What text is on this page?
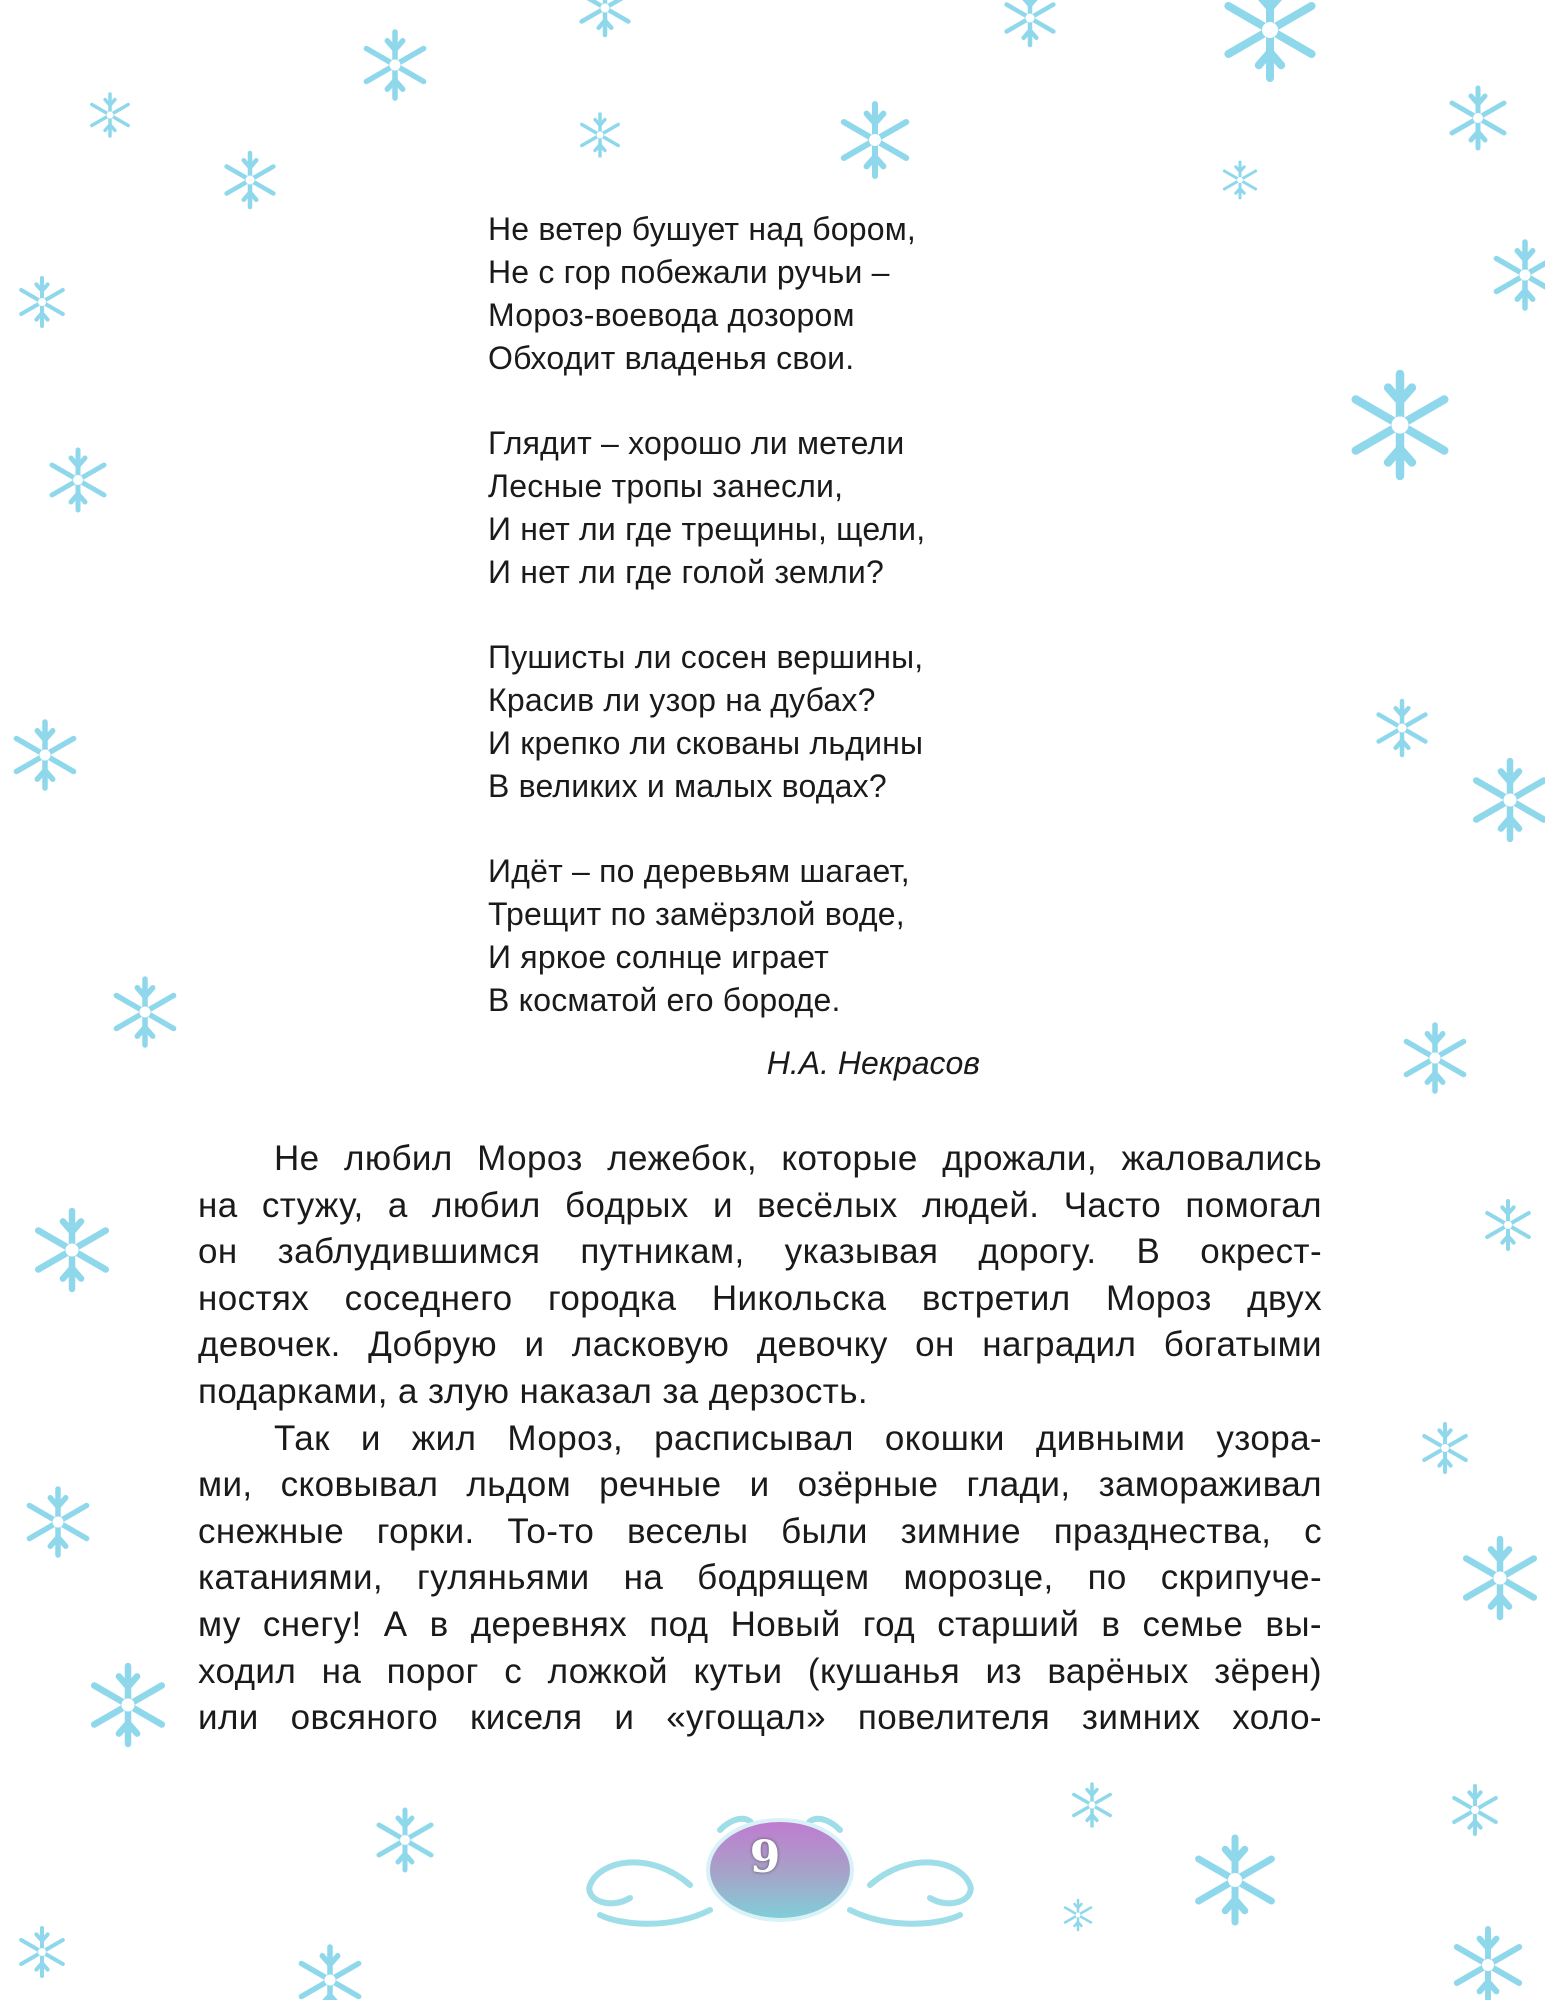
Не ветер бушует над бором,
Не с гор побежали ручьи –
Мороз-воевода дозором
Обходит владенья свои.
Глядит – хорошо ли метели
Лесные тропы занесли,
И нет ли где трещины, щели,
И нет ли где голой земли?
Пушисты ли сосен вершины,
Красив ли узор на дубах?
И крепко ли скованы льдины
В великих и малых водах?
Идёт – по деревьям шагает,
Трещит по замёрзлой воде,
И яркое солнце играет
В косматой его бороде.
Н.А. Некрасов

Не любил Мороз лежебок, которые дрожали, жаловались
на стужу, а любил бодрых и весёлых людей. Часто помогал
он заблудившимся путникам, указывая дорогу. В окрест-
ностях соседнего городка Никольска встретил Мороз двух
девочек. Добрую и ласковую девочку он наградил богатыми
подарками, а злую наказал за дерзость.

Так и жил Мороз, расписывал окошки дивными узора-
ми, сковывал льдом речные и озёрные глади, замораживал
снежные горки. То-то веселы были зимние празднества, с
катаниями, гуляньями на бодрящем морозце, по скрипуче-
му снегу! А в деревнях под Новый год старший в семье вы-
ходил на порог с ложкой кутьи (кушанья из варёных зёрен)
или овсяного киселя и «угощал» повелителя зимних холо-

9
